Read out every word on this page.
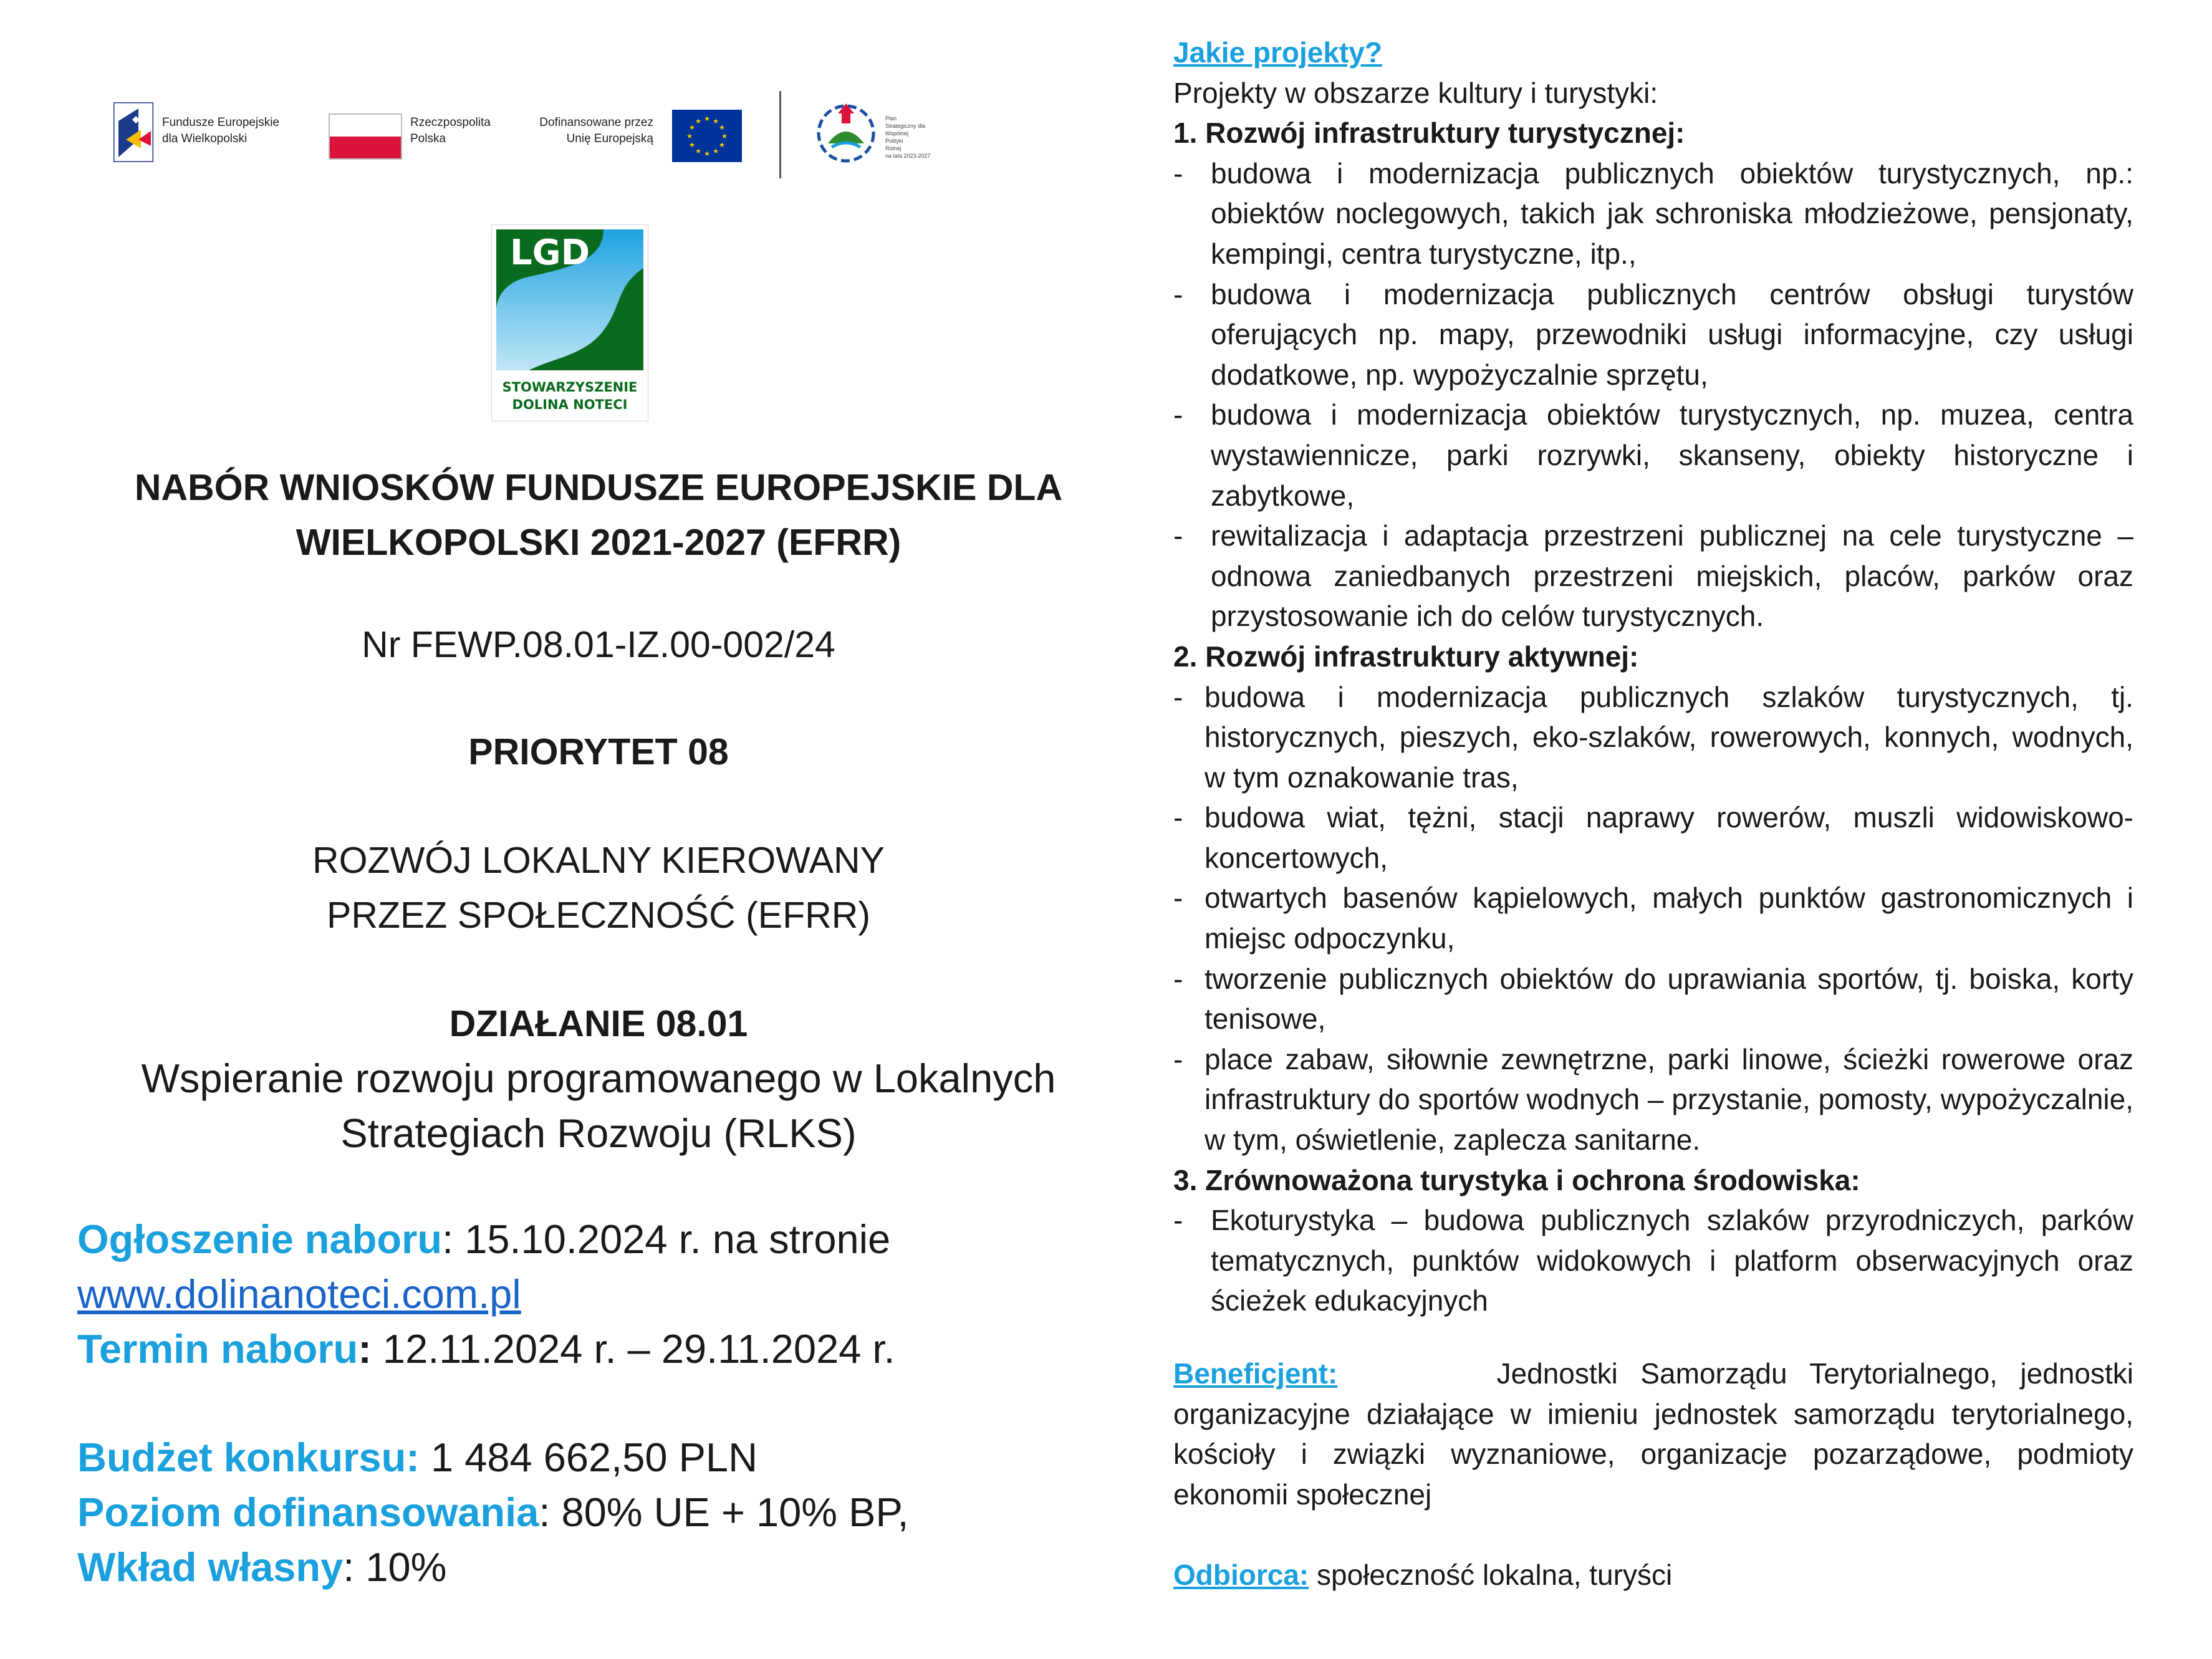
Fundusze Europejskie
dla Wielkopolski
Rzeczpospolita
Polska
Dofinansowane przez
Unię Europejską
★ ★
★
★
★
★
★
★
★
★
★
★	Plan
Strategiczny dla
Wspólnej
Polityki
Rolnej
na lata 2023-2027
LGD
STOWARZYSZENIE
DOLINA NOTECI
NABÓR WNIOSKÓW FUNDUSZE EUROPEJSKIE DLA
WIELKOPOLSKI 2021-2027 (EFRR)
Nr FEWP.08.01-IZ.00-002/24
PRIORYTET 08
ROZWÓJ LOKALNY KIEROWANY
PRZEZ SPOŁECZNOŚĆ (EFRR)
DZIAŁANIE 08.01
Wspieranie rozwoju programowanego w Lokalnych
Strategiach Rozwoju (RLKS)
Ogłoszenie naboru: 15.10.2024 r. na stronie
www.dolinanoteci.com.pl
Termin naboru: 12.11.2024 r. – 29.11.2024 r.
Budżet konkursu: 1 484 662,50 PLN
Poziom dofinansowania: 80% UE + 10% BP,
Wkład własny: 10%
Jakie projekty?
Projekty w obszarze kultury i turystyki:
1. Rozwój infrastruktury turystycznej:
- budowa i modernizacja publicznych obiektów turystycznych, np.: obiektów noclegowych, takich jak schroniska młodzieżowe, pensjonaty, kempingi, centra turystyczne, itp.,
- budowa i modernizacja publicznych centrów obsługi turystów oferujących np. mapy, przewodniki usługi informacyjne, czy usługi dodatkowe, np. wypożyczalnie sprzętu,
- budowa i modernizacja obiektów turystycznych, np. muzea, centra wystawiennicze, parki rozrywki, skanseny, obiekty historyczne i zabytkowe,
- rewitalizacja i adaptacja przestrzeni publicznej na cele turystyczne – odnowa zaniedbanych przestrzeni miejskich, placów, parków oraz przystosowanie ich do celów turystycznych.
2. Rozwój infrastruktury aktywnej:
- budowa i modernizacja publicznych szlaków turystycznych, tj. historycznych, pieszych, eko-szlaków, rowerowych, konnych, wodnych, w tym oznakowanie tras,
- budowa wiat, tężni, stacji naprawy rowerów, muszli widowiskowo-koncertowych,
- otwartych basenów kąpielowych, małych punktów gastronomicznych i miejsc odpoczynku,
- tworzenie publicznych obiektów do uprawiania sportów, tj. boiska, korty tenisowe,
- place zabaw, siłownie zewnętrzne, parki linowe, ścieżki rowerowe oraz infrastruktury do sportów wodnych – przystanie, pomosty, wypożyczalnie, w tym, oświetlenie, zaplecza sanitarne.
3. Zrównoważona turystyka i ochrona środowiska:
- Ekoturystyka – budowa publicznych szlaków przyrodniczych, parków tematycznych, punktów widokowych i platform obserwacyjnych oraz ścieżek edukacyjnych
Beneficjent:	Jednostki Samorządu Terytorialnego, jednostki organizacyjne działające w imieniu jednostek samorządu terytorialnego, kościoły i związki wyznaniowe, organizacje pozarządowe, podmioty ekonomii społecznej
Odbiorca: społeczność lokalna, turyści
